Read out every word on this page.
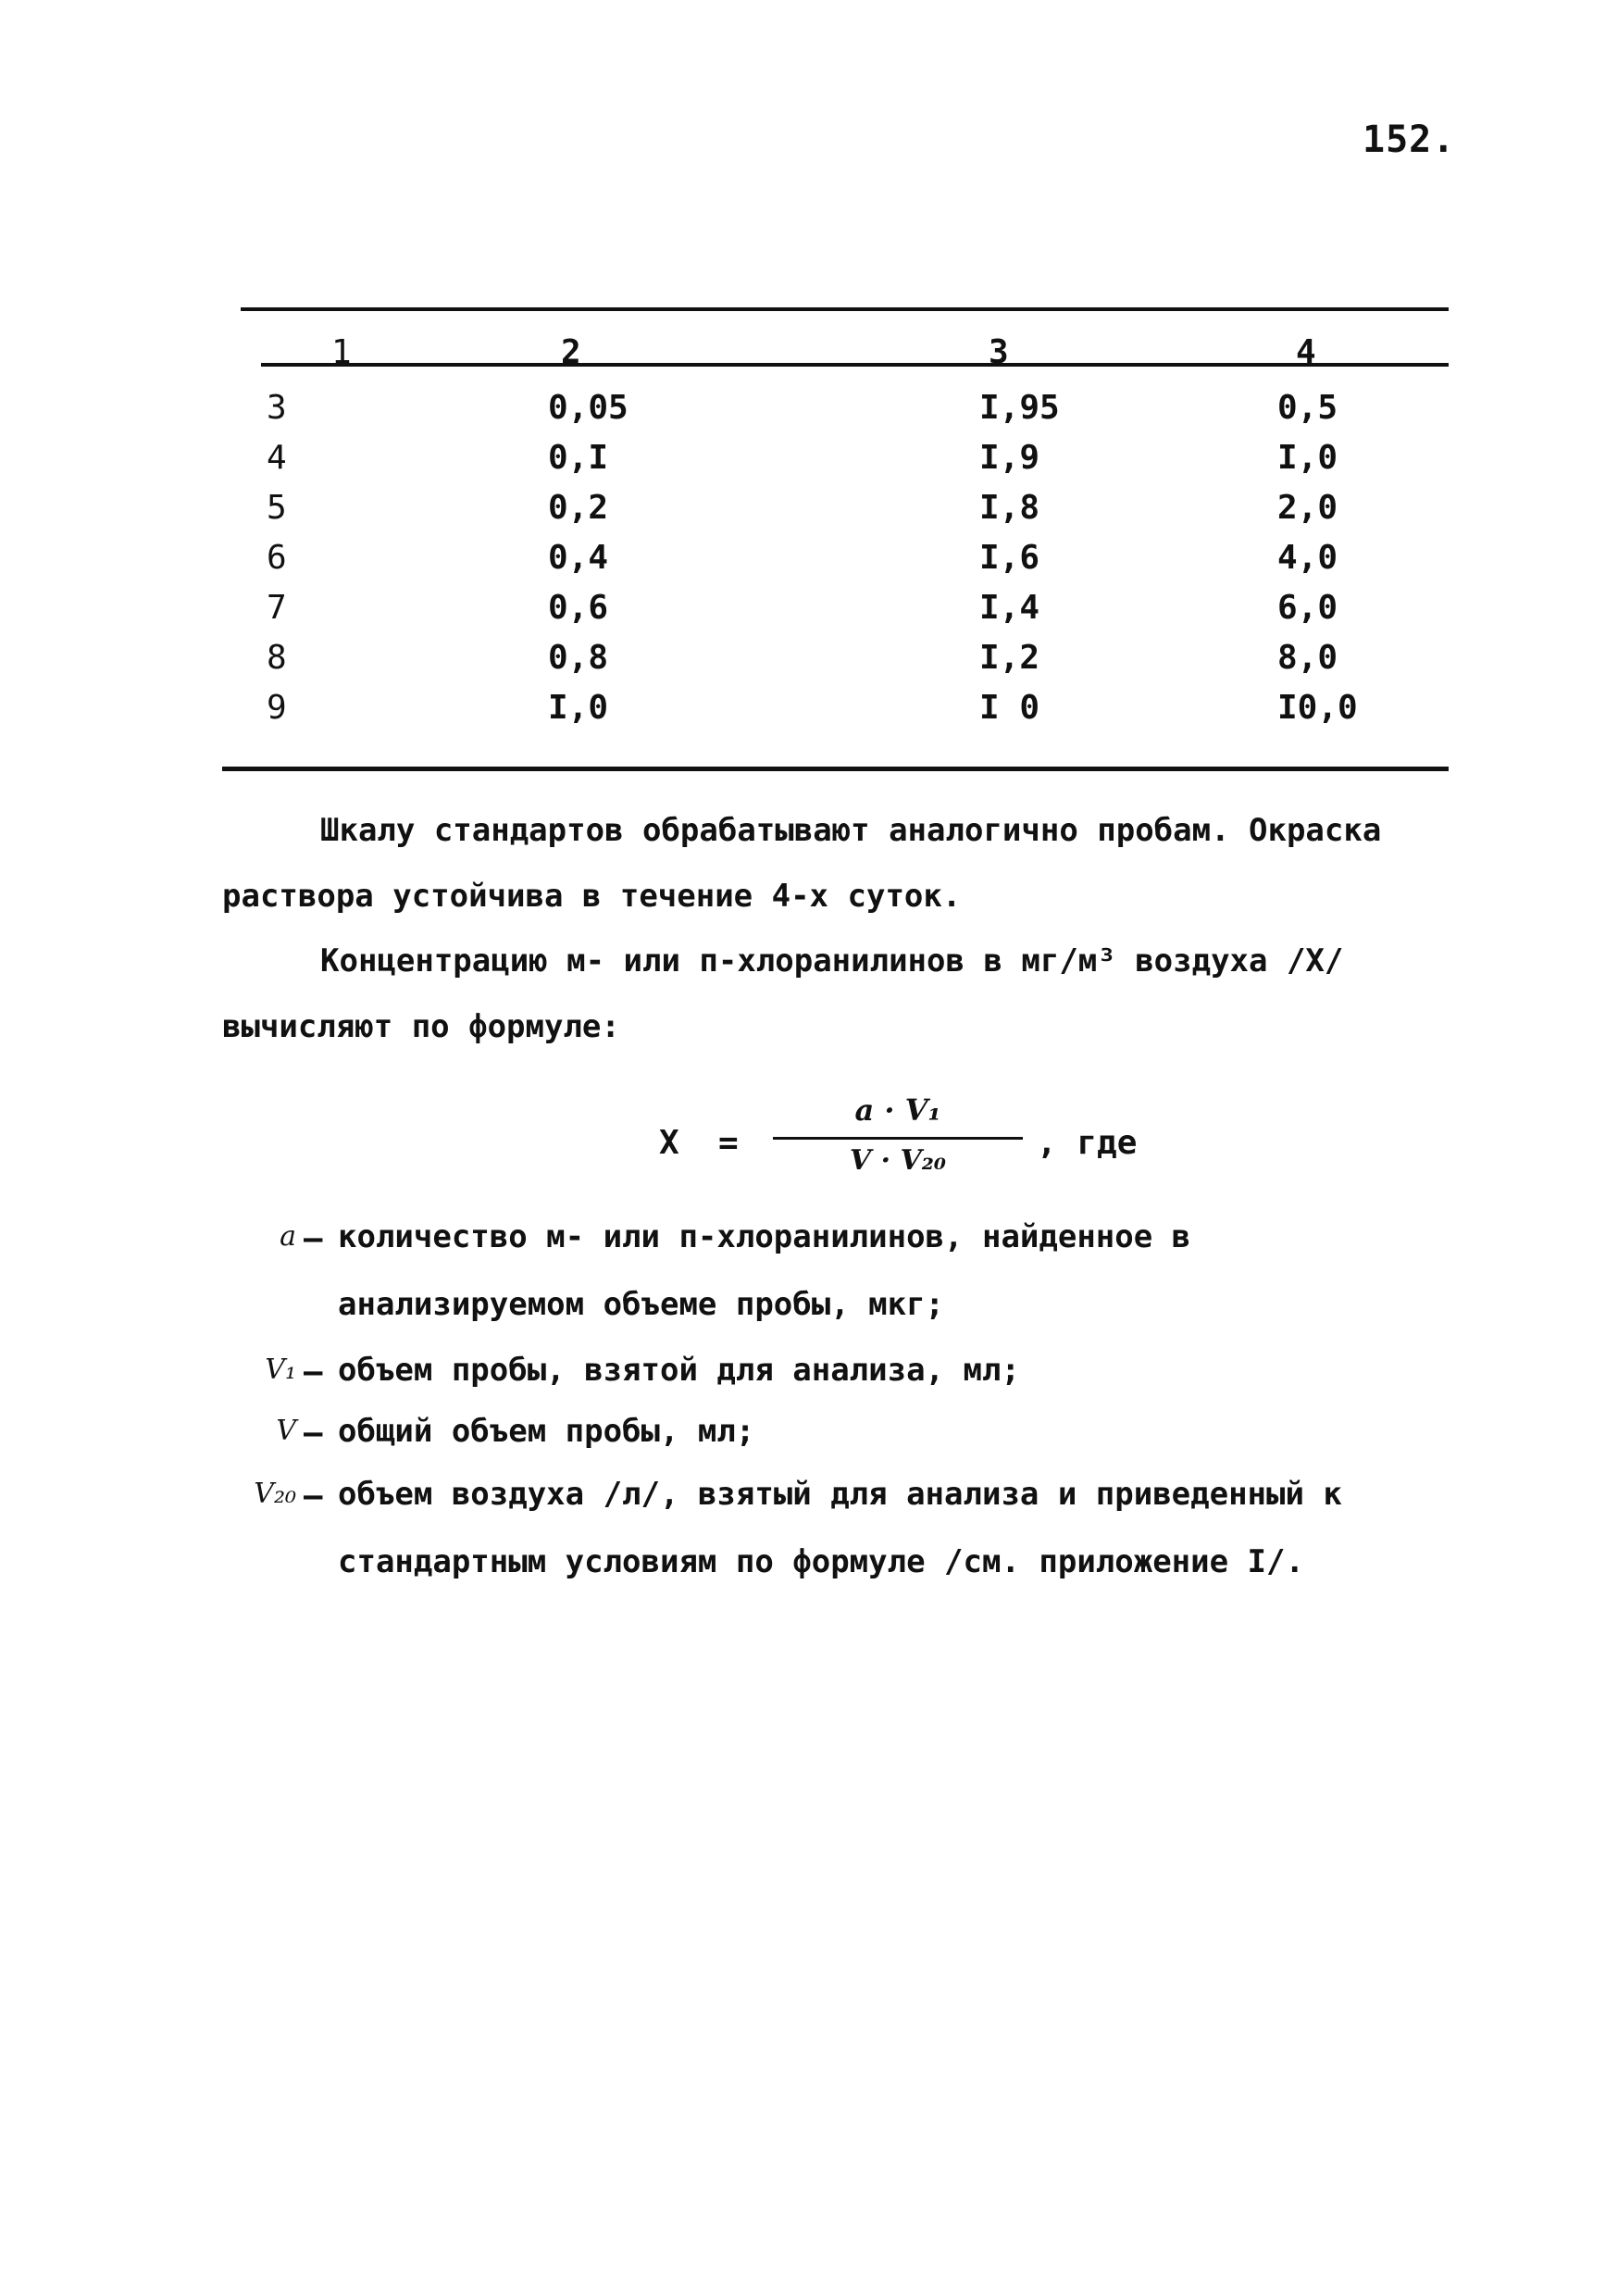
152.
1	2	3	4
3	0,05	I,95	0,5
4	0,I	I,9	I,0
5	0,2	I,8	2,0
6	0,4	I,6	4,0
7	0,6	I,4	6,0
8	0,8	I,2	8,0
9	I,0	I 0	I0,0
Шкалу стандартов обрабатывают аналогично пробам. Окраска раствора устойчива в течение 4-х суток.
Концентрацию м- или п-хлоранилинов в мг/м³ воздуха /X/ вычисляют по формуле:
X =
a · V₁
V · V₂₀	, где
a – количество м- или п-хлоранилинов, найденное в анализируемом объеме пробы, мкг;
V₁ – объем пробы, взятой для анализа, мл;
V – общий объем пробы, мл;
V₂₀ – объем воздуха /л/, взятый для анализа и приведенный к стандартным условиям по формуле /см. приложение I/.
